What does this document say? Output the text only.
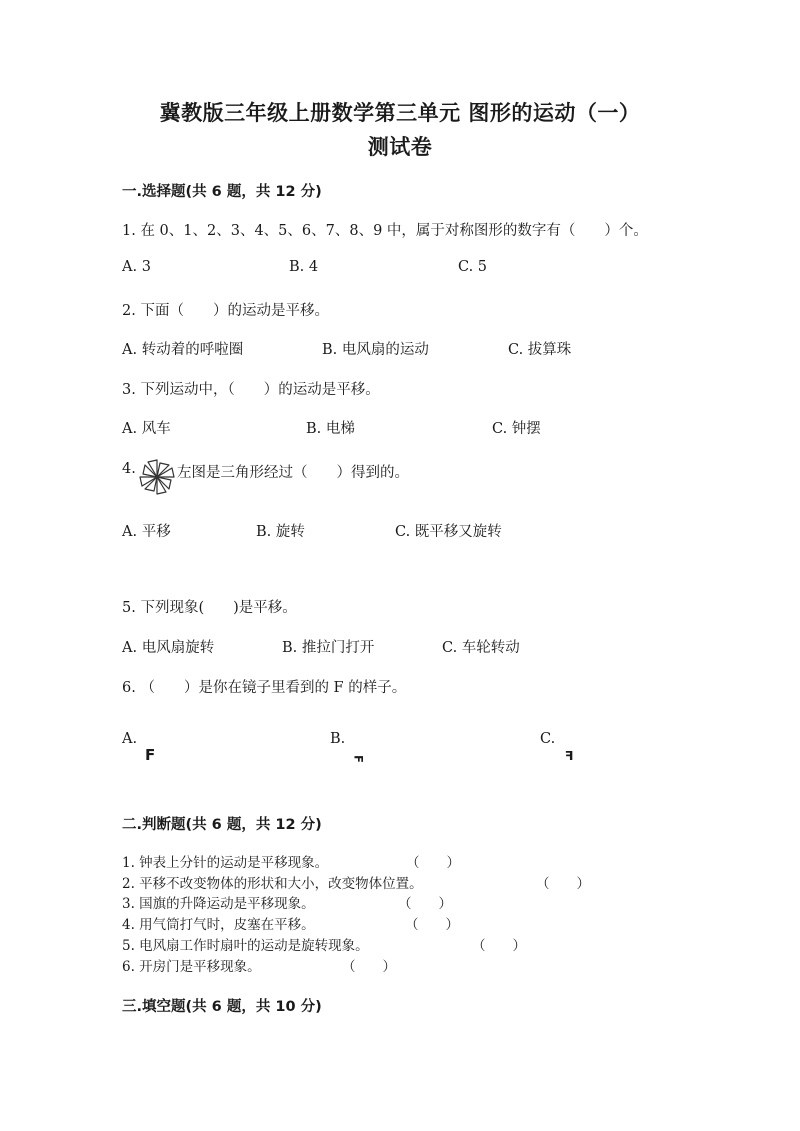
冀教版三年级上册数学第三单元 图形的运动（一）
测试卷
一.选择题(共 6 题，共 12 分)
1. 在 0、1、2、3、4、5、6、7、8、9 中，属于对称图形的数字有（　　）个。
A. 3	B. 4	C. 5
2. 下面（　　）的运动是平移。
A. 转动着的呼啦圈	B. 电风扇的运动	C. 拔算珠
3. 下列运动中，（　　）的运动是平移。
A. 风车	B. 电梯	C. 钟摆
4.	左图是三角形经过（　　）得到的。
A. 平移	B. 旋转	C. 既平移又旋转
5. 下列现象(　　)是平移。
A. 电风扇旋转	B. 推拉门打开	C. 车轮转动
6. （　　）是你在镜子里看到的 F 的样子。
A.
F
B.
F
C.
F
二.判断题(共 6 题，共 12 分)
1. 钟表上分针的运动是平移现象。	（　　）
2. 平移不改变物体的形状和大小，改变物体位置。	（　　）
3. 国旗的升降运动是平移现象。	（　　）
4. 用气筒打气时，皮塞在平移。	（　　）
5. 电风扇工作时扇叶的运动是旋转现象。	（　　）
6. 开房门是平移现象。	（　　）
三.填空题(共 6 题，共 10 分)
